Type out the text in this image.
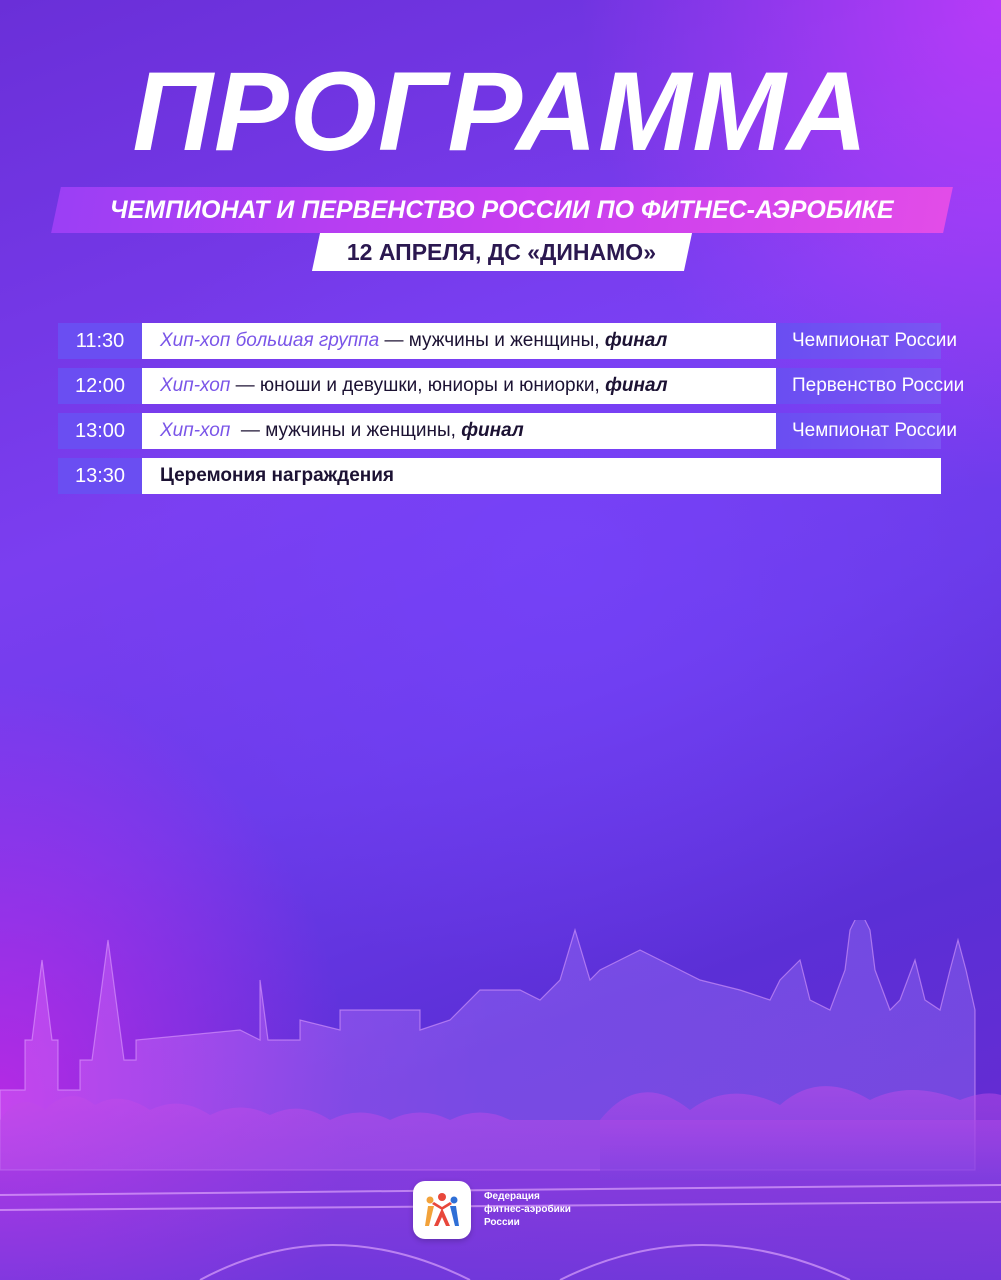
ПРОГРАММА
ЧЕМПИОНАТ И ПЕРВЕНСТВО РОССИИ ПО ФИТНЕС-АЭРОБИКЕ
12 АПРЕЛЯ, ДС «ДИНАМО»
11:30	Хип-хоп большая группа — мужчины и женщины, финал	Чемпионат России
12:00	Хип-хоп — юноши и девушки, юниоры и юниорки, финал	Первенство России
13:00	Хип-хоп — мужчины и женщины, финал	Чемпионат России
13:30	Церемония награждения
Федерация
фитнес-аэробики
России
